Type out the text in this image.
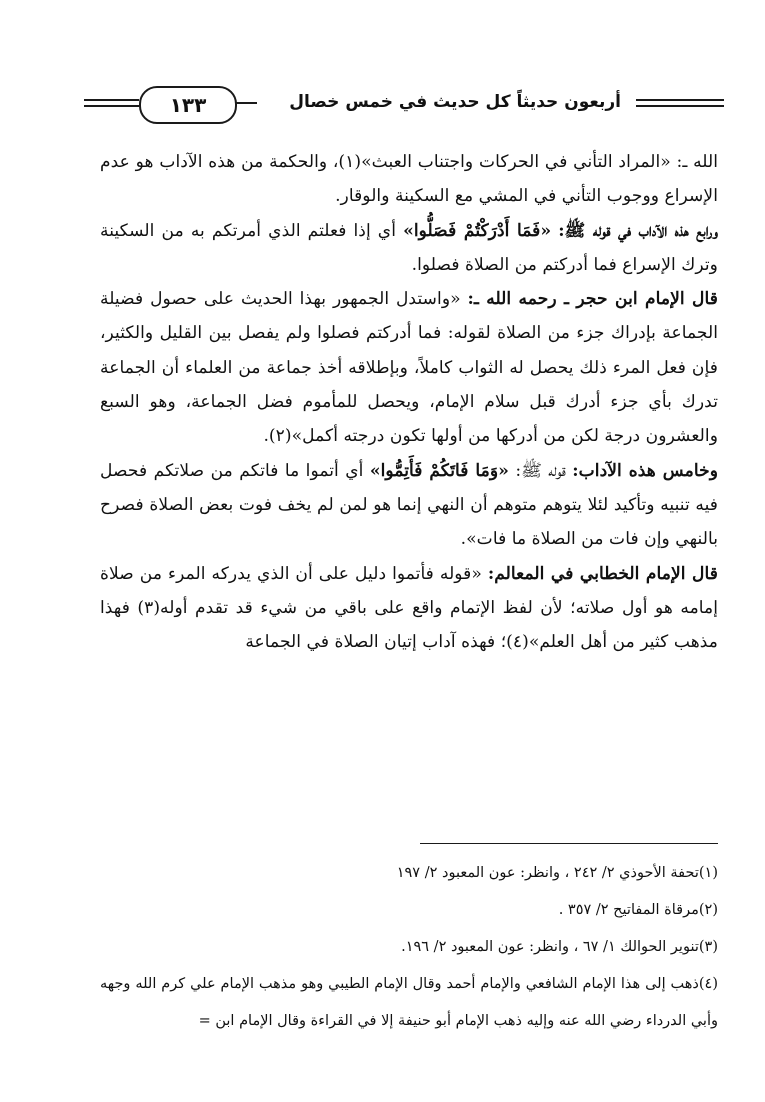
١٣٣	أربعون حديثاً كل حديث في خمس خصال

الله ـ: «المراد التأني في الحركات واجتناب العبث»(١)، والحكمة من هذه الآداب هو عدم الإسراع ووجوب التأني في المشي مع السكينة والوقار.

ورابع هذه الآداب في قوله ﷺ: «فَمَا أَدْرَكْتُمْ فَصَلُّوا» أي إذا فعلتم الذي أمرتكم به من السكينة وترك الإسراع فما أدركتم من الصلاة فصلوا.

قال الإمام ابن حجر ـ رحمه الله ـ: «واستدل الجمهور بهذا الحديث على حصول فضيلة الجماعة بإدراك جزء من الصلاة لقوله: فما أدركتم فصلوا ولم يفصل بين القليل والكثير، فإن فعل المرء ذلك يحصل له الثواب كاملاً، وبإطلاقه أخذ جماعة من العلماء أن الجماعة تدرك بأي جزء أدرك قبل سلام الإمام، ويحصل للمأموم فضل الجماعة، وهو السبع والعشرون درجة لكن من أدركها من أولها تكون درجته أكمل»(٢).

وخامس هذه الآداب: قوله ﷺ: «وَمَا فَاتَكُمْ فَأَتِمُّوا» أي أتموا ما فاتكم من صلاتكم فحصل فيه تنبيه وتأكيد لئلا يتوهم متوهم أن النهي إنما هو لمن لم يخف فوت بعض الصلاة فصرح بالنهي وإن فات من الصلاة ما فات».

قال الإمام الخطابي في المعالم: «قوله فأتموا دليل على أن الذي يدركه المرء من صلاة إمامه هو أول صلاته؛ لأن لفظ الإتمام واقع على باقي من شيء قد تقدم أوله(٣) فهذا مذهب كثير من أهل العلم»(٤)؛ فهذه آداب إتيان الصلاة في الجماعة

(١)تحفة الأحوذي ٢/ ٢٤٢ ، وانظر: عون المعبود ٢/ ١٩٧

(٢)مرقاة المفاتيح ٢/ ٣٥٧ .

(٣)تنوير الحوالك ١/ ٦٧ ، وانظر: عون المعبود ٢/ ١٩٦.

(٤)ذهب إلى هذا الإمام الشافعي والإمام أحمد وقال الإمام الطيبي وهو مذهب الإمام علي كرم الله وجهه وأبي الدرداء رضي الله عنه وإليه ذهب الإمام أبو حنيفة إلا في القراءة وقال الإمام ابن =
